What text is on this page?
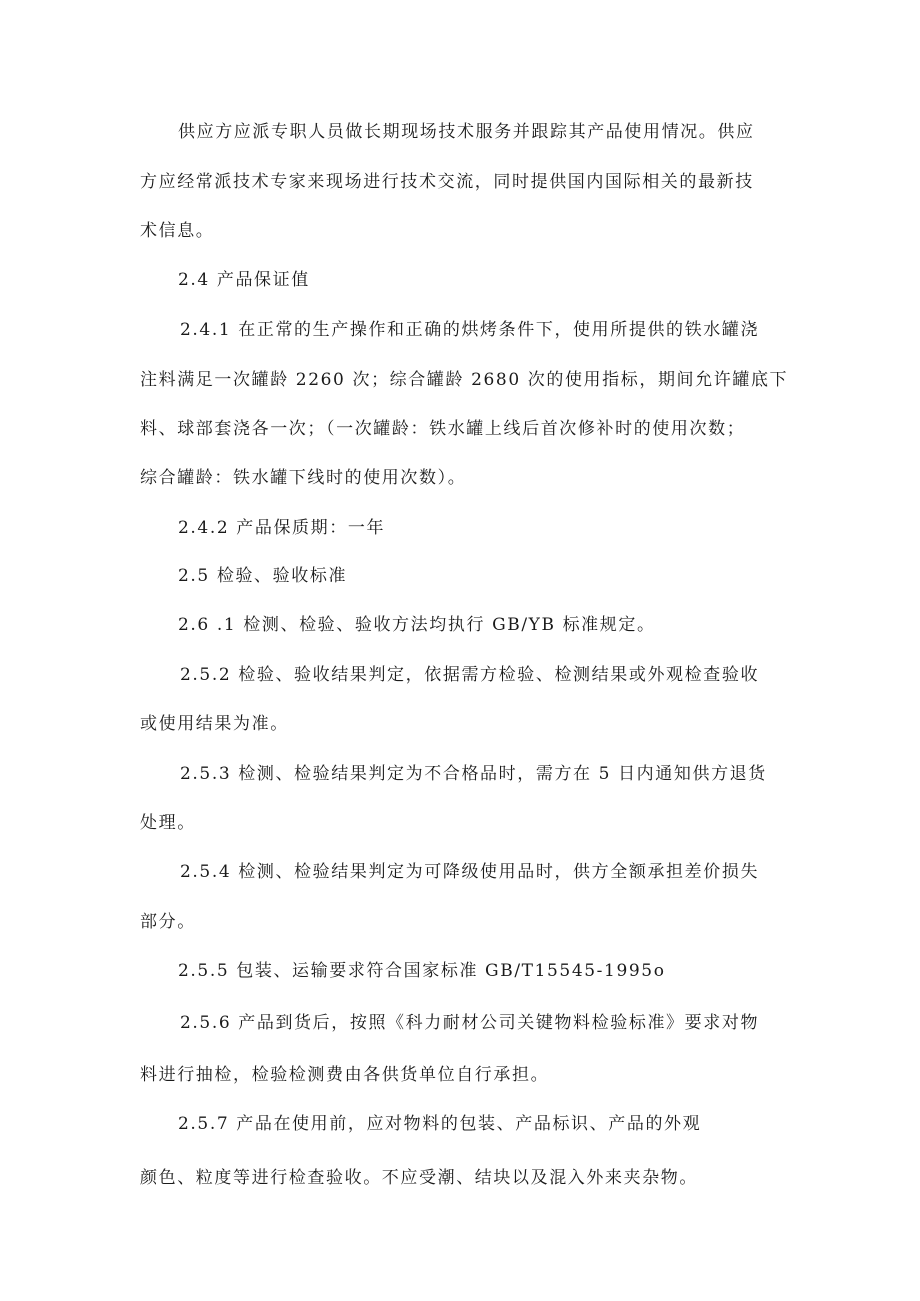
供应方应派专职人员做长期现场技术服务并跟踪其产品使用情况。供应
方应经常派技术专家来现场进行技术交流，同时提供国内国际相关的最新技
术信息。
2.4 产品保证值
2.4.1 在正常的生产操作和正确的烘烤条件下，使用所提供的铁水罐浇
注料满足一次罐龄 2260 次；综合罐龄 2680 次的使用指标，期间允许罐底下
料、球部套浇各一次；（一次罐龄：铁水罐上线后首次修补时的使用次数；
综合罐龄：铁水罐下线时的使用次数）。
2.4.2 产品保质期：一年
2.5 检验、验收标准
2.6 .1 检测、检验、验收方法均执行 GB/YB 标准规定。
2.5.2 检验、验收结果判定，依据需方检验、检测结果或外观检查验收
或使用结果为准。
2.5.3 检测、检验结果判定为不合格品时，需方在 5 日内通知供方退货
处理。
2.5.4 检测、检验结果判定为可降级使用品时，供方全额承担差价损失
部分。
2.5.5 包装、运输要求符合国家标准 GB/T15545-1995o
2.5.6 产品到货后，按照《科力耐材公司关键物料检验标准》要求对物
料进行抽检，检验检测费由各供货单位自行承担。
2.5.7 产品在使用前，应对物料的包装、产品标识、产品的外观
颜色、粒度等进行检查验收。不应受潮、结块以及混入外来夹杂物。
